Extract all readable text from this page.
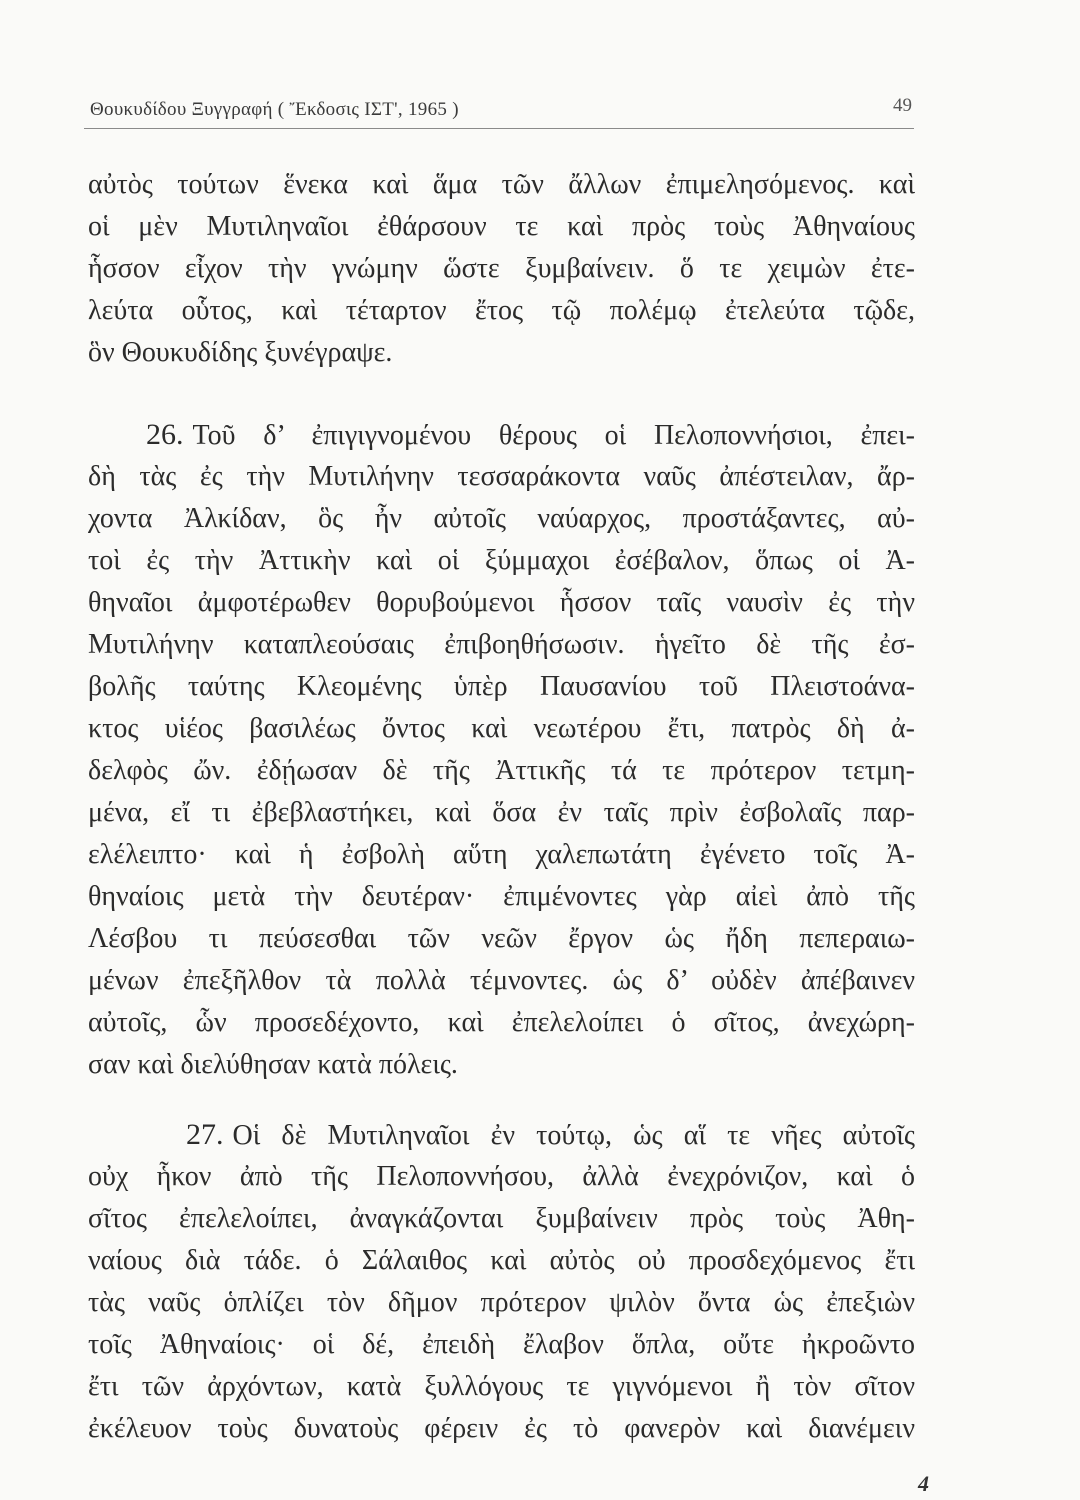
Θουκυδίδου Ξυγγραφή ( Ἔκδοσις ΙΣΤ', 1965 )	49
αὐτὸς τούτων ἕνεκα καὶ ἅμα τῶν ἄλλων ἐπιμελησόμενος. καὶ
οἱ μὲν Μυτιληναῖοι ἐθάρσουν τε καὶ πρὸς τοὺς Ἀθηναίους
ἧσσον εἶχον τὴν γνώμην ὥστε ξυμβαίνειν. ὅ τε χειμὼν ἐτε-
λεύτα οὗτος, καὶ τέταρτον ἔτος τῷ πολέμῳ ἐτελεύτα τῷδε,
ὃν Θουκυδίδης ξυνέγραψε.
26. Τοῦ δ’ ἐπιγιγνομένου θέρους οἱ Πελοποννήσιοι, ἐπει-
δὴ τὰς ἐς τὴν Μυτιλήνην τεσσαράκοντα ναῦς ἀπέστειλαν, ἄρ-
χοντα Ἀλκίδαν, ὃς ἦν αὐτοῖς ναύαρχος, προστάξαντες, αὐ-
τοὶ ἐς τὴν Ἀττικὴν καὶ οἱ ξύμμαχοι ἐσέβαλον, ὅπως οἱ Ἀ-
θηναῖοι ἀμφοτέρωθεν θορυβούμενοι ἧσσον ταῖς ναυσὶν ἐς τὴν
Μυτιλήνην καταπλεούσαις ἐπιβοηθήσωσιν. ἡγεῖτο δὲ τῆς ἐσ-
βολῆς ταύτης Κλεομένης ὑπὲρ Παυσανίου τοῦ Πλειστοάνα-
κτος υἱέος βασιλέως ὄντος καὶ νεωτέρου ἔτι, πατρὸς δὴ ἀ-
δελφὸς ὤν. ἐδῄωσαν δὲ τῆς Ἀττικῆς τά τε πρότερον τετμη-
μένα, εἴ τι ἐβεβλαστήκει, καὶ ὅσα ἐν ταῖς πρὶν ἐσβολαῖς παρ-
ελέλειπτο· καὶ ἡ ἐσβολὴ αὕτη χαλεπωτάτη ἐγένετο τοῖς Ἀ-
θηναίοις μετὰ τὴν δευτέραν· ἐπιμένοντες γὰρ αἰεὶ ἀπὸ τῆς
Λέσβου τι πεύσεσθαι τῶν νεῶν ἔργον ὡς ἤδη πεπεραιω-
μένων ἐπεξῆλθον τὰ πολλὰ τέμνοντες. ὡς δ’ οὐδὲν ἀπέβαινεν
αὐτοῖς, ὧν προσεδέχοντο, καὶ ἐπελελοίπει ὁ σῖτος, ἀνεχώρη-
σαν καὶ διελύθησαν κατὰ πόλεις.
27. Οἱ δὲ Μυτιληναῖοι ἐν τούτῳ, ὡς αἵ τε νῆες αὐτοῖς
οὐχ ἧκον ἀπὸ τῆς Πελοποννήσου, ἀλλὰ ἐνεχρόνιζον, καὶ ὁ
σῖτος ἐπελελοίπει, ἀναγκάζονται ξυμβαίνειν πρὸς τοὺς Ἀθη-
ναίους διὰ τάδε. ὁ Σάλαιθος καὶ αὐτὸς οὐ προσδεχόμενος ἔτι
τὰς ναῦς ὁπλίζει τὸν δῆμον πρότερον ψιλὸν ὄντα ὡς ἐπεξιὼν
τοῖς Ἀθηναίοις· οἱ δέ, ἐπειδὴ ἔλαβον ὅπλα, οὔτε ἠκροῶντο
ἔτι τῶν ἀρχόντων, κατὰ ξυλλόγους τε γιγνόμενοι ἢ τὸν σῖτον
ἐκέλευον τοὺς δυνατοὺς φέρειν ἐς τὸ φανερὸν καὶ διανέμειν
4
